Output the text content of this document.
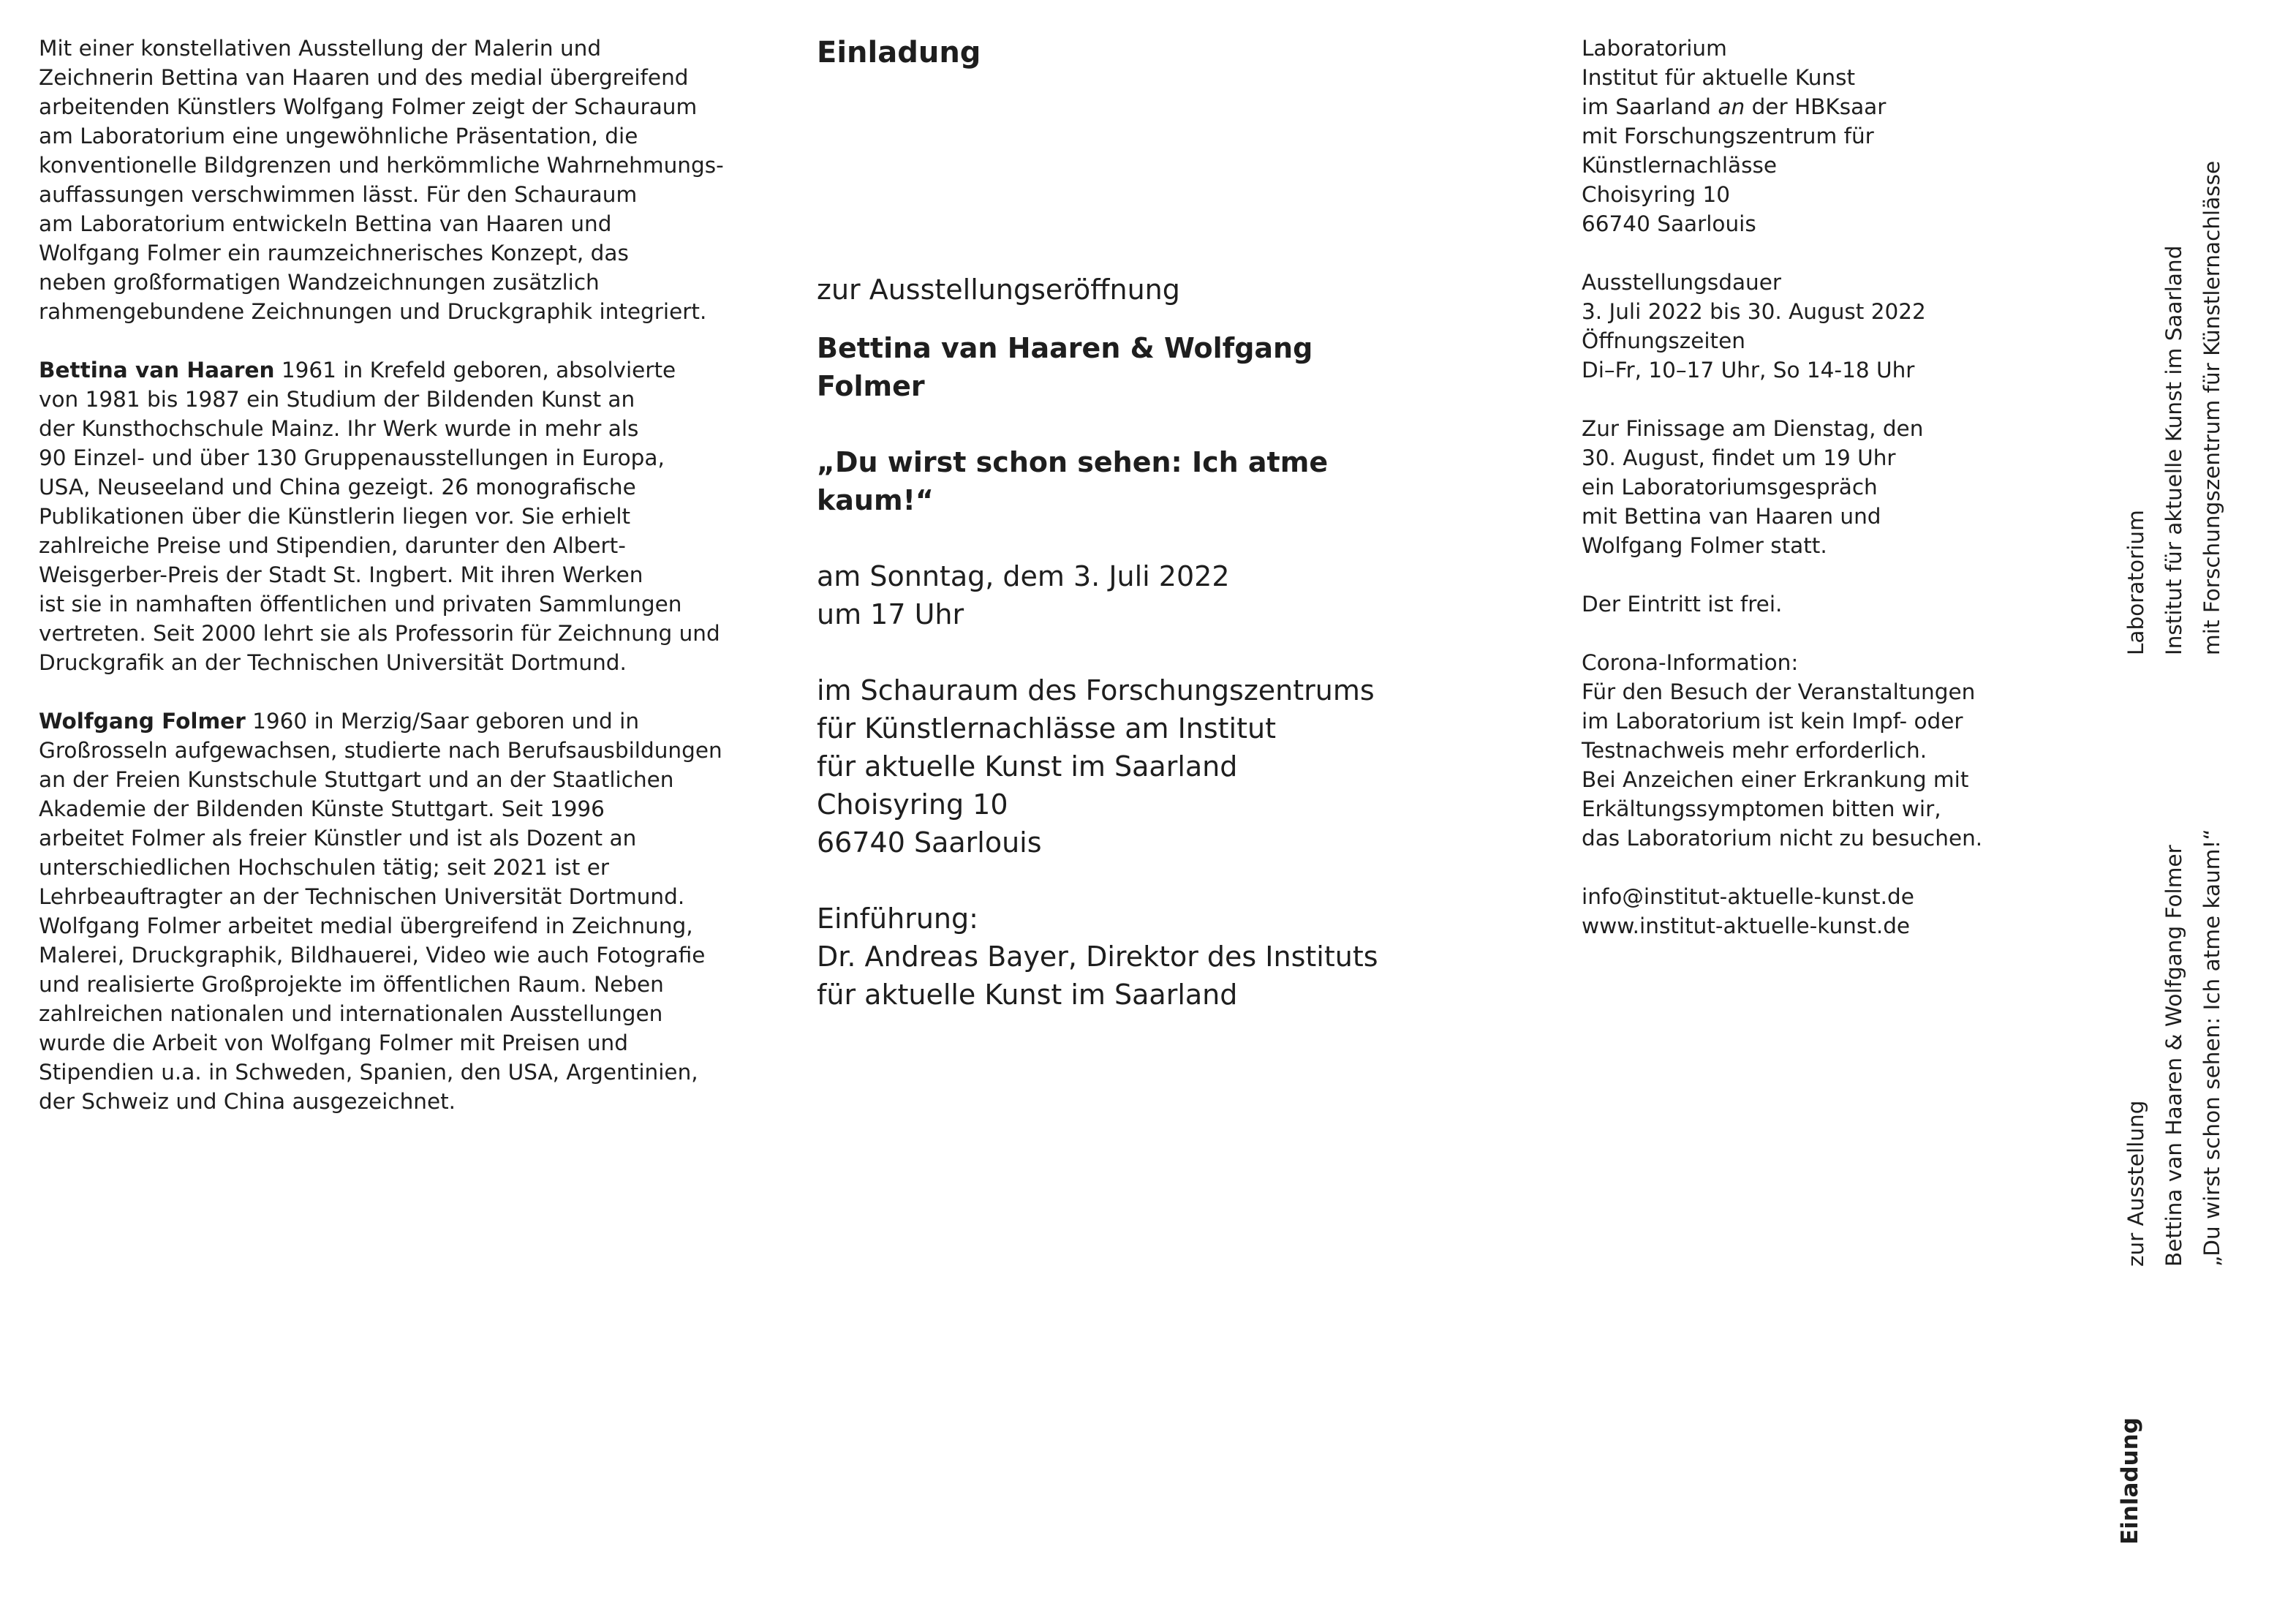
Mit einer konstellativen Ausstellung der Malerin und
Zeichnerin Bettina van Haaren und des medial übergreifend
arbeitenden Künstlers Wolfgang Folmer zeigt der Schauraum
am Laboratorium eine ungewöhnliche Präsentation, die
konventionelle Bildgrenzen und herkömmliche Wahrnehmungs-
auffassungen verschwimmen lässt. Für den Schauraum
am Laboratorium entwickeln Bettina van Haaren und
Wolfgang Folmer ein raumzeichnerisches Konzept, das
neben großformatigen Wandzeichnungen zusätzlich
rahmengebundene Zeichnungen und Druckgraphik integriert.

Bettina van Haaren 1961 in Krefeld geboren, absolvierte
von 1981 bis 1987 ein Studium der Bildenden Kunst an
der Kunsthochschule Mainz. Ihr Werk wurde in mehr als
90 Einzel- und über 130 Gruppenausstellungen in Europa,
USA, Neuseeland und China gezeigt. 26 monografische
Publikationen über die Künstlerin liegen vor. Sie erhielt
zahlreiche Preise und Stipendien, darunter den Albert-
Weisgerber-Preis der Stadt St. Ingbert. Mit ihren Werken
ist sie in namhaften öffentlichen und privaten Sammlungen
vertreten. Seit 2000 lehrt sie als Professorin für Zeichnung und
Druckgrafik an der Technischen Universität Dortmund.

Wolfgang Folmer 1960 in Merzig/Saar geboren und in
Großrosseln aufgewachsen, studierte nach Berufsausbildungen
an der Freien Kunstschule Stuttgart und an der Staatlichen
Akademie der Bildenden Künste Stuttgart. Seit 1996
arbeitet Folmer als freier Künstler und ist als Dozent an
unterschiedlichen Hochschulen tätig; seit 2021 ist er
Lehrbeauftragter an der Technischen Universität Dortmund.
Wolfgang Folmer arbeitet medial übergreifend in Zeichnung,
Malerei, Druckgraphik, Bildhauerei, Video wie auch Fotografie
und realisierte Großprojekte im öffentlichen Raum. Neben
zahlreichen nationalen und internationalen Ausstellungen
wurde die Arbeit von Wolfgang Folmer mit Preisen und
Stipendien u.a. in Schweden, Spanien, den USA, Argentinien,
der Schweiz und China ausgezeichnet.

Einladung
zur Ausstellungseröffnung

Bettina van Haaren & Wolfgang Folmer

„Du wirst schon sehen: Ich atme kaum!“

am Sonntag, dem 3. Juli 2022

um 17 Uhr

im Schauraum des Forschungszentrums
für Künstlernachlässe am Institut
für aktuelle Kunst im Saarland
Choisyring 10
66740 Saarlouis
Einführung:
Dr. Andreas Bayer, Direktor des Instituts
für aktuelle Kunst im Saarland

Laboratorium
Institut für aktuelle Kunst
im Saarland an der HBKsaar
mit Forschungszentrum für
Künstlernachlässe
Choisyring 10
66740 Saarlouis

Ausstellungsdauer
3. Juli 2022 bis 30. August 2022
Öffnungszeiten
Di–Fr, 10–17 Uhr, So 14-18 Uhr

Zur Finissage am Dienstag, den
30. August, findet um 19 Uhr
ein Laboratoriumsgespräch
mit Bettina van Haaren und
Wolfgang Folmer statt.

Der Eintritt ist frei.

Corona-Information:
Für den Besuch der Veranstaltungen
im Laboratorium ist kein Impf- oder
Testnachweis mehr erforderlich.
Bei Anzeichen einer Erkrankung mit
Erkältungssymptomen bitten wir,
das Laboratorium nicht zu besuchen.

info@institut-aktuelle-kunst.de
www.institut-aktuelle-kunst.de

Laboratorium Institut für aktuelle Kunst im Saarland mit Forschungszentrum für Künstlernachlässe
zur Ausstellung Bettina van Haaren & Wolfgang Folmer „Du wirst schon sehen: Ich atme kaum!“
Einladung
